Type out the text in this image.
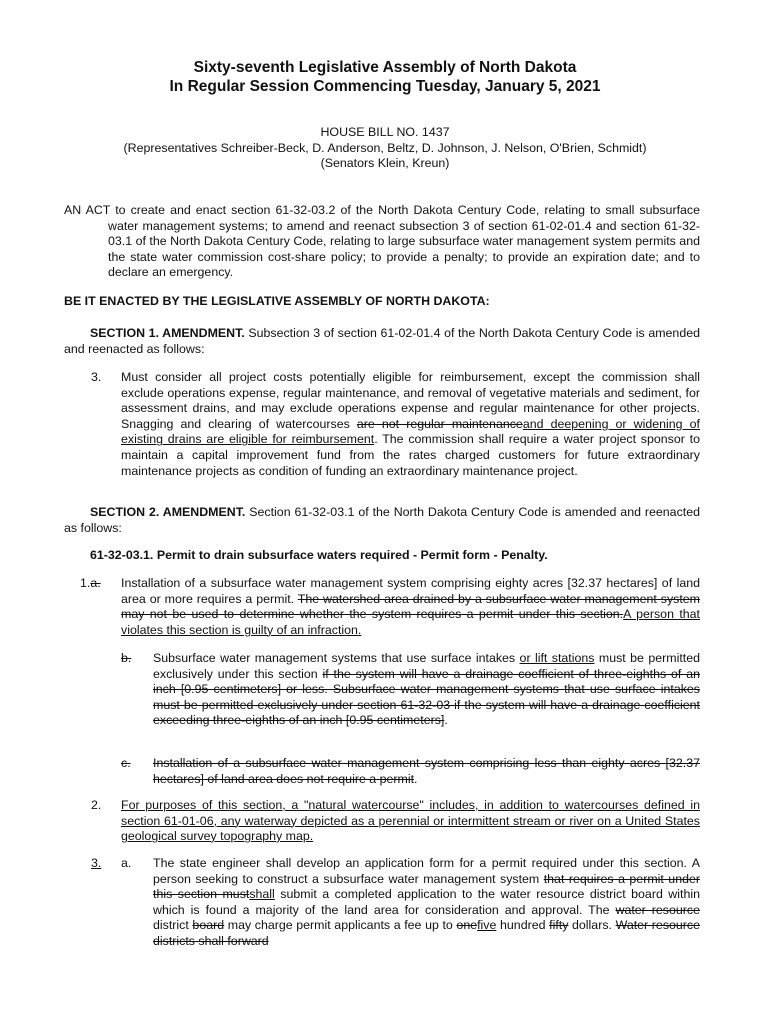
Sixty-seventh Legislative Assembly of North Dakota
In Regular Session Commencing Tuesday, January 5, 2021
HOUSE BILL NO. 1437
(Representatives Schreiber-Beck, D. Anderson, Beltz, D. Johnson, J. Nelson, O'Brien, Schmidt)
(Senators Klein, Kreun)
AN ACT to create and enact section 61-32-03.2 of the North Dakota Century Code, relating to small subsurface water management systems; to amend and reenact subsection 3 of section 61-02-01.4 and section 61-32-03.1 of the North Dakota Century Code, relating to large subsurface water management system permits and the state water commission cost-share policy; to provide a penalty; to provide an expiration date; and to declare an emergency.
BE IT ENACTED BY THE LEGISLATIVE ASSEMBLY OF NORTH DAKOTA:
SECTION 1. AMENDMENT. Subsection 3 of section 61-02-01.4 of the North Dakota Century Code is amended and reenacted as follows:
3. Must consider all project costs potentially eligible for reimbursement, except the commission shall exclude operations expense, regular maintenance, and removal of vegetative materials and sediment, for assessment drains, and may exclude operations expense and regular maintenance for other projects. Snagging and clearing of watercourses are not regular maintenanceand deepening or widening of existing drains are eligible for reimbursement. The commission shall require a water project sponsor to maintain a capital improvement fund from the rates charged customers for future extraordinary maintenance projects as condition of funding an extraordinary maintenance project.
SECTION 2. AMENDMENT. Section 61-32-03.1 of the North Dakota Century Code is amended and reenacted as follows:
61-32-03.1. Permit to drain subsurface waters required - Permit form - Penalty.
1.a. Installation of a subsurface water management system comprising eighty acres [32.37 hectares] of land area or more requires a permit. The watershed area drained by a subsurface water management system may not be used to determine whether the system requires a permit under this section.A person that violates this section is guilty of an infraction.
b. Subsurface water management systems that use surface intakes or lift stations must be permitted exclusively under this section if the system will have a drainage coefficient of three-eighths of an inch [0.95 centimeters] or less. Subsurface water management systems that use surface intakes must be permitted exclusively under section 61-32-03 if the system will have a drainage coefficient exceeding three-eighths of an inch [0.95 centimeters].
c. Installation of a subsurface water management system comprising less than eighty acres [32.37 hectares] of land area does not require a permit.
2. For purposes of this section, a "natural watercourse" includes, in addition to watercourses defined in section 61-01-06, any waterway depicted as a perennial or intermittent stream or river on a United States geological survey topography map.
3. a. The state engineer shall develop an application form for a permit required under this section. A person seeking to construct a subsurface water management system that requires a permit under this section mustshall submit a completed application to the water resource district board within which is found a majority of the land area for consideration and approval. The water resource district board may charge permit applicants a fee up to onefive hundred fifty dollars. Water resource districts shall forward
